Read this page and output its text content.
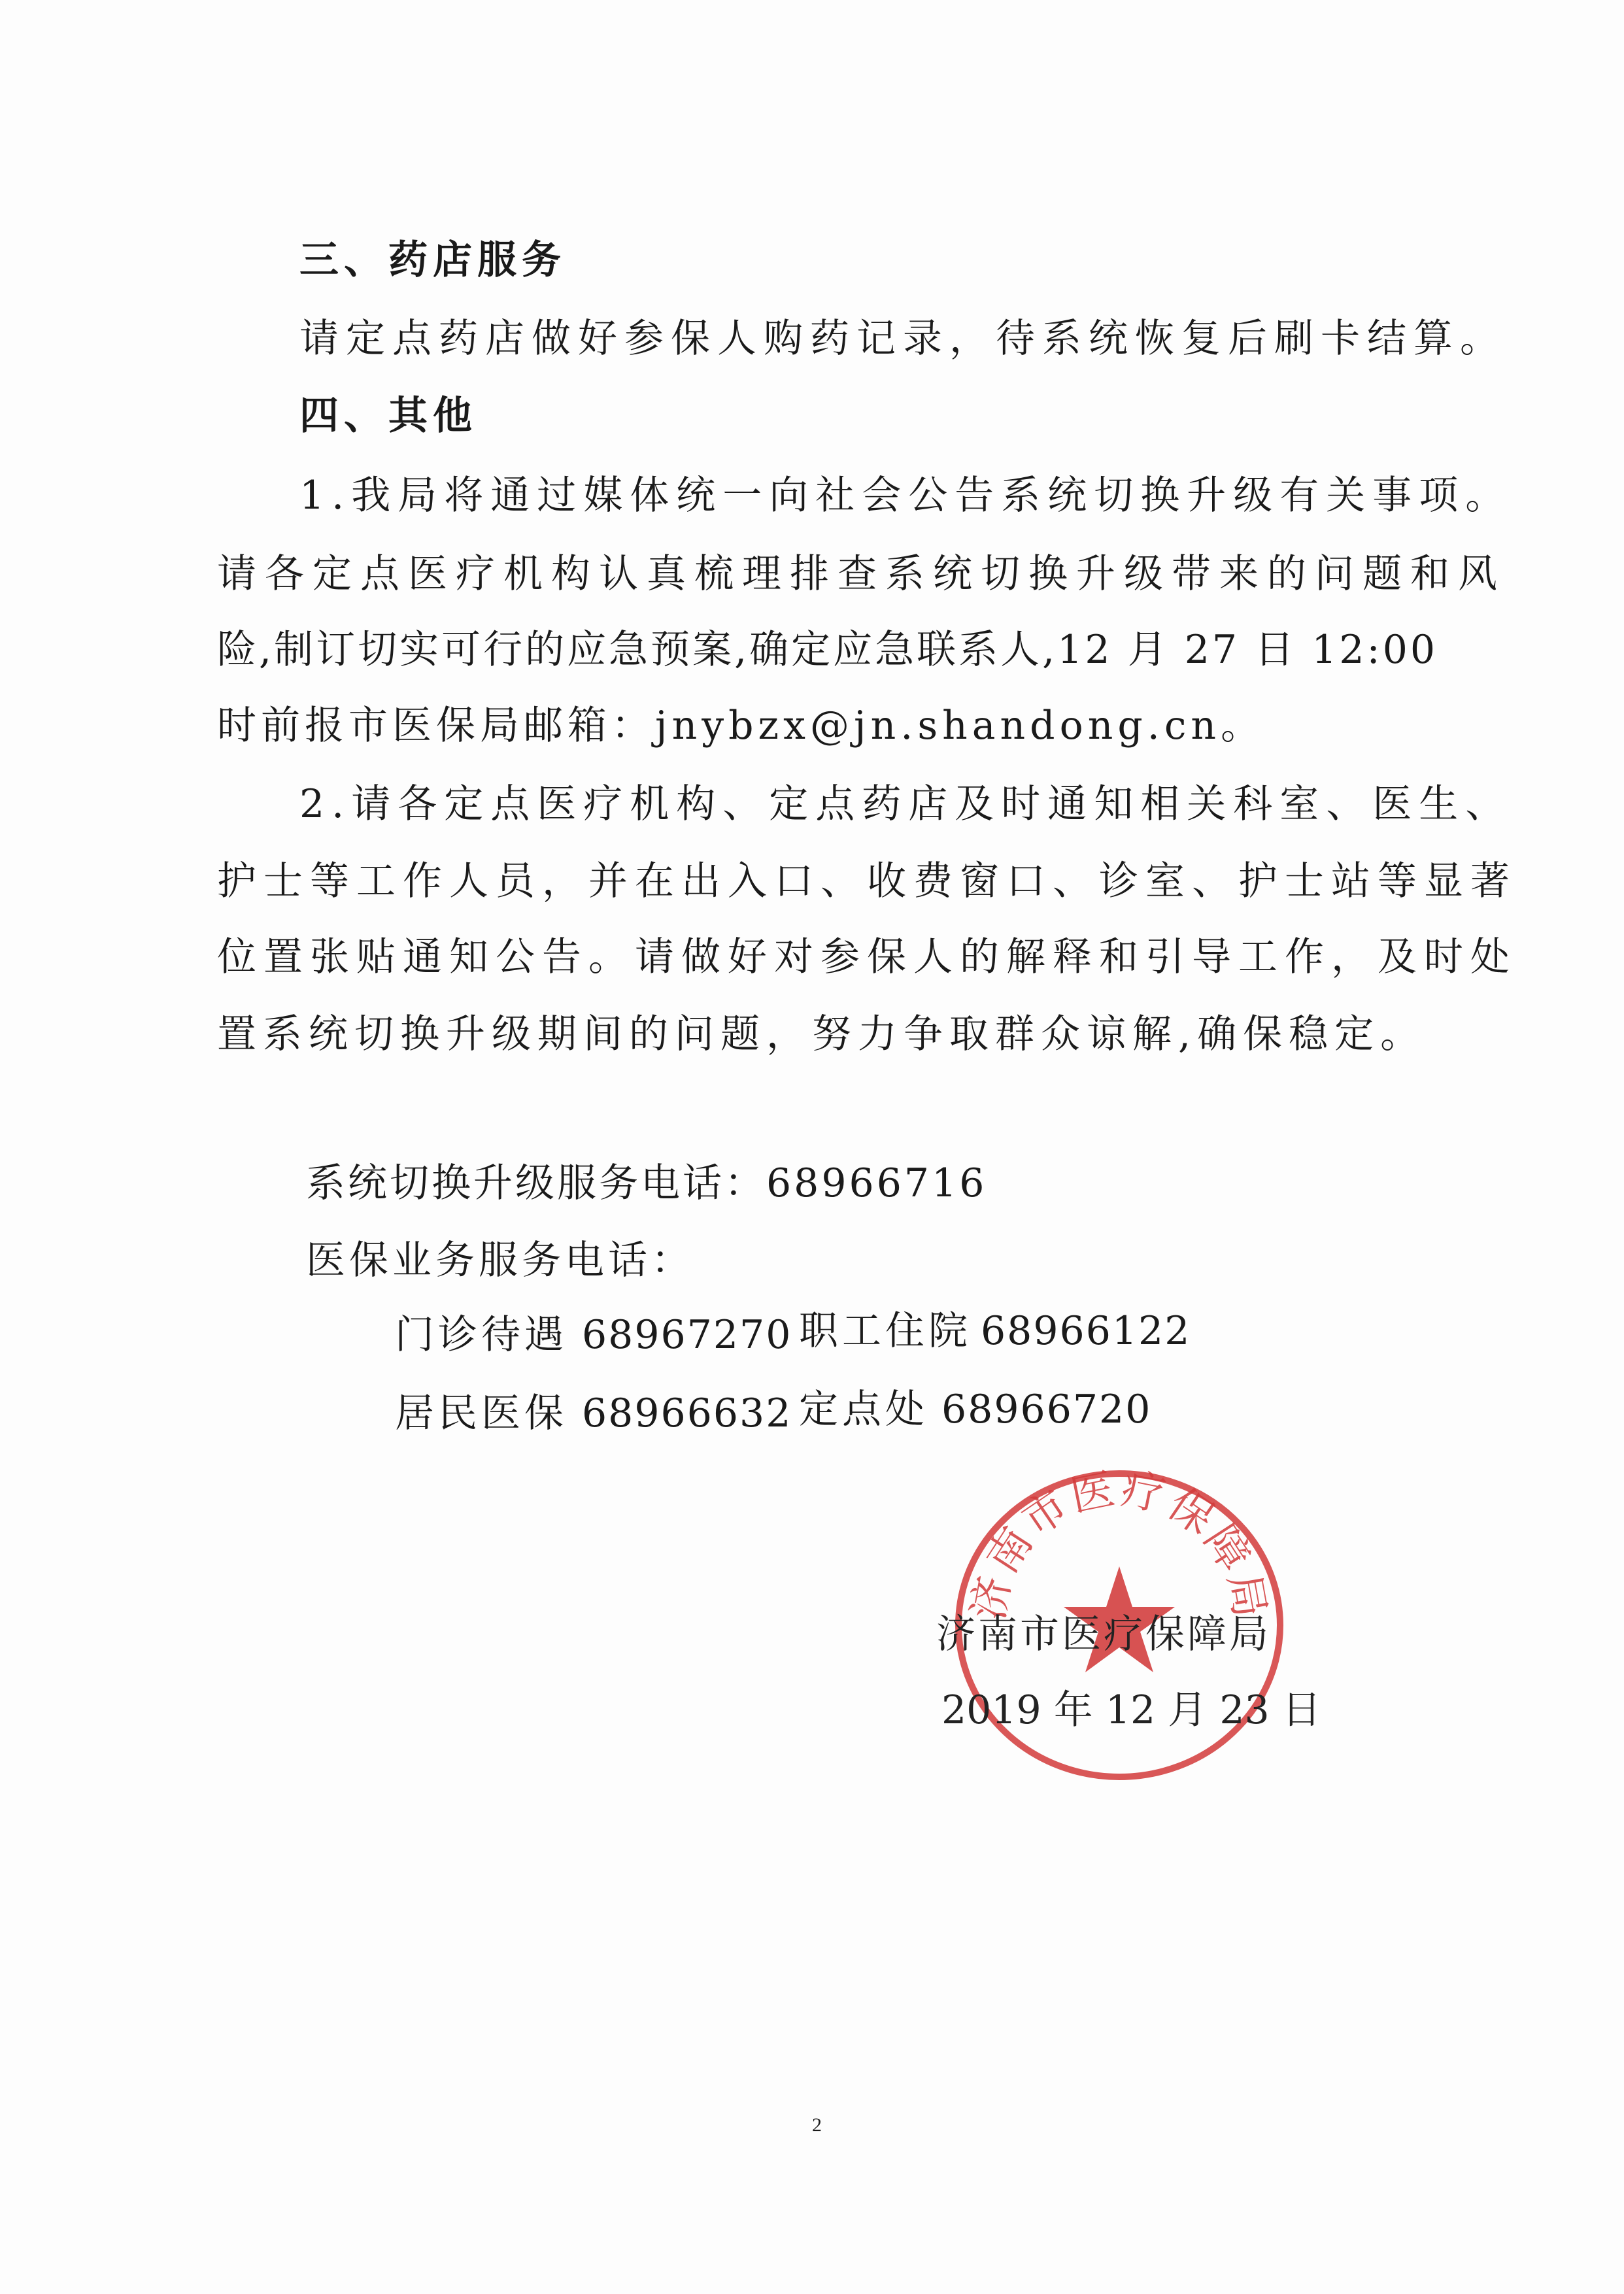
三、药店服务
请定点药店做好参保人购药记录，待系统恢复后刷卡结算。
四、其他
1.我局将通过媒体统一向社会公告系统切换升级有关事项。
请各定点医疗机构认真梳理排查系统切换升级带来的问题和风
险,制订切实可行的应急预案,确定应急联系人,12 月 27 日 12:00
时前报市医保局邮箱：jnybzx@jn.shandong.cn。
2.请各定点医疗机构、定点药店及时通知相关科室、医生、
护士等工作人员，并在出入口、收费窗口、诊室、护士站等显著
位置张贴通知公告。请做好对参保人的解释和引导工作，及时处
置系统切换升级期间的问题，努力争取群众谅解,确保稳定。
系统切换升级服务电话：68966716
医保业务服务电话：
门诊待遇 68967270 职工住院 68966122
居民医保 68966632 定点处 68966720
济南市医疗保障局
济南市医疗保障局
2019 年 12 月 23 日
2
